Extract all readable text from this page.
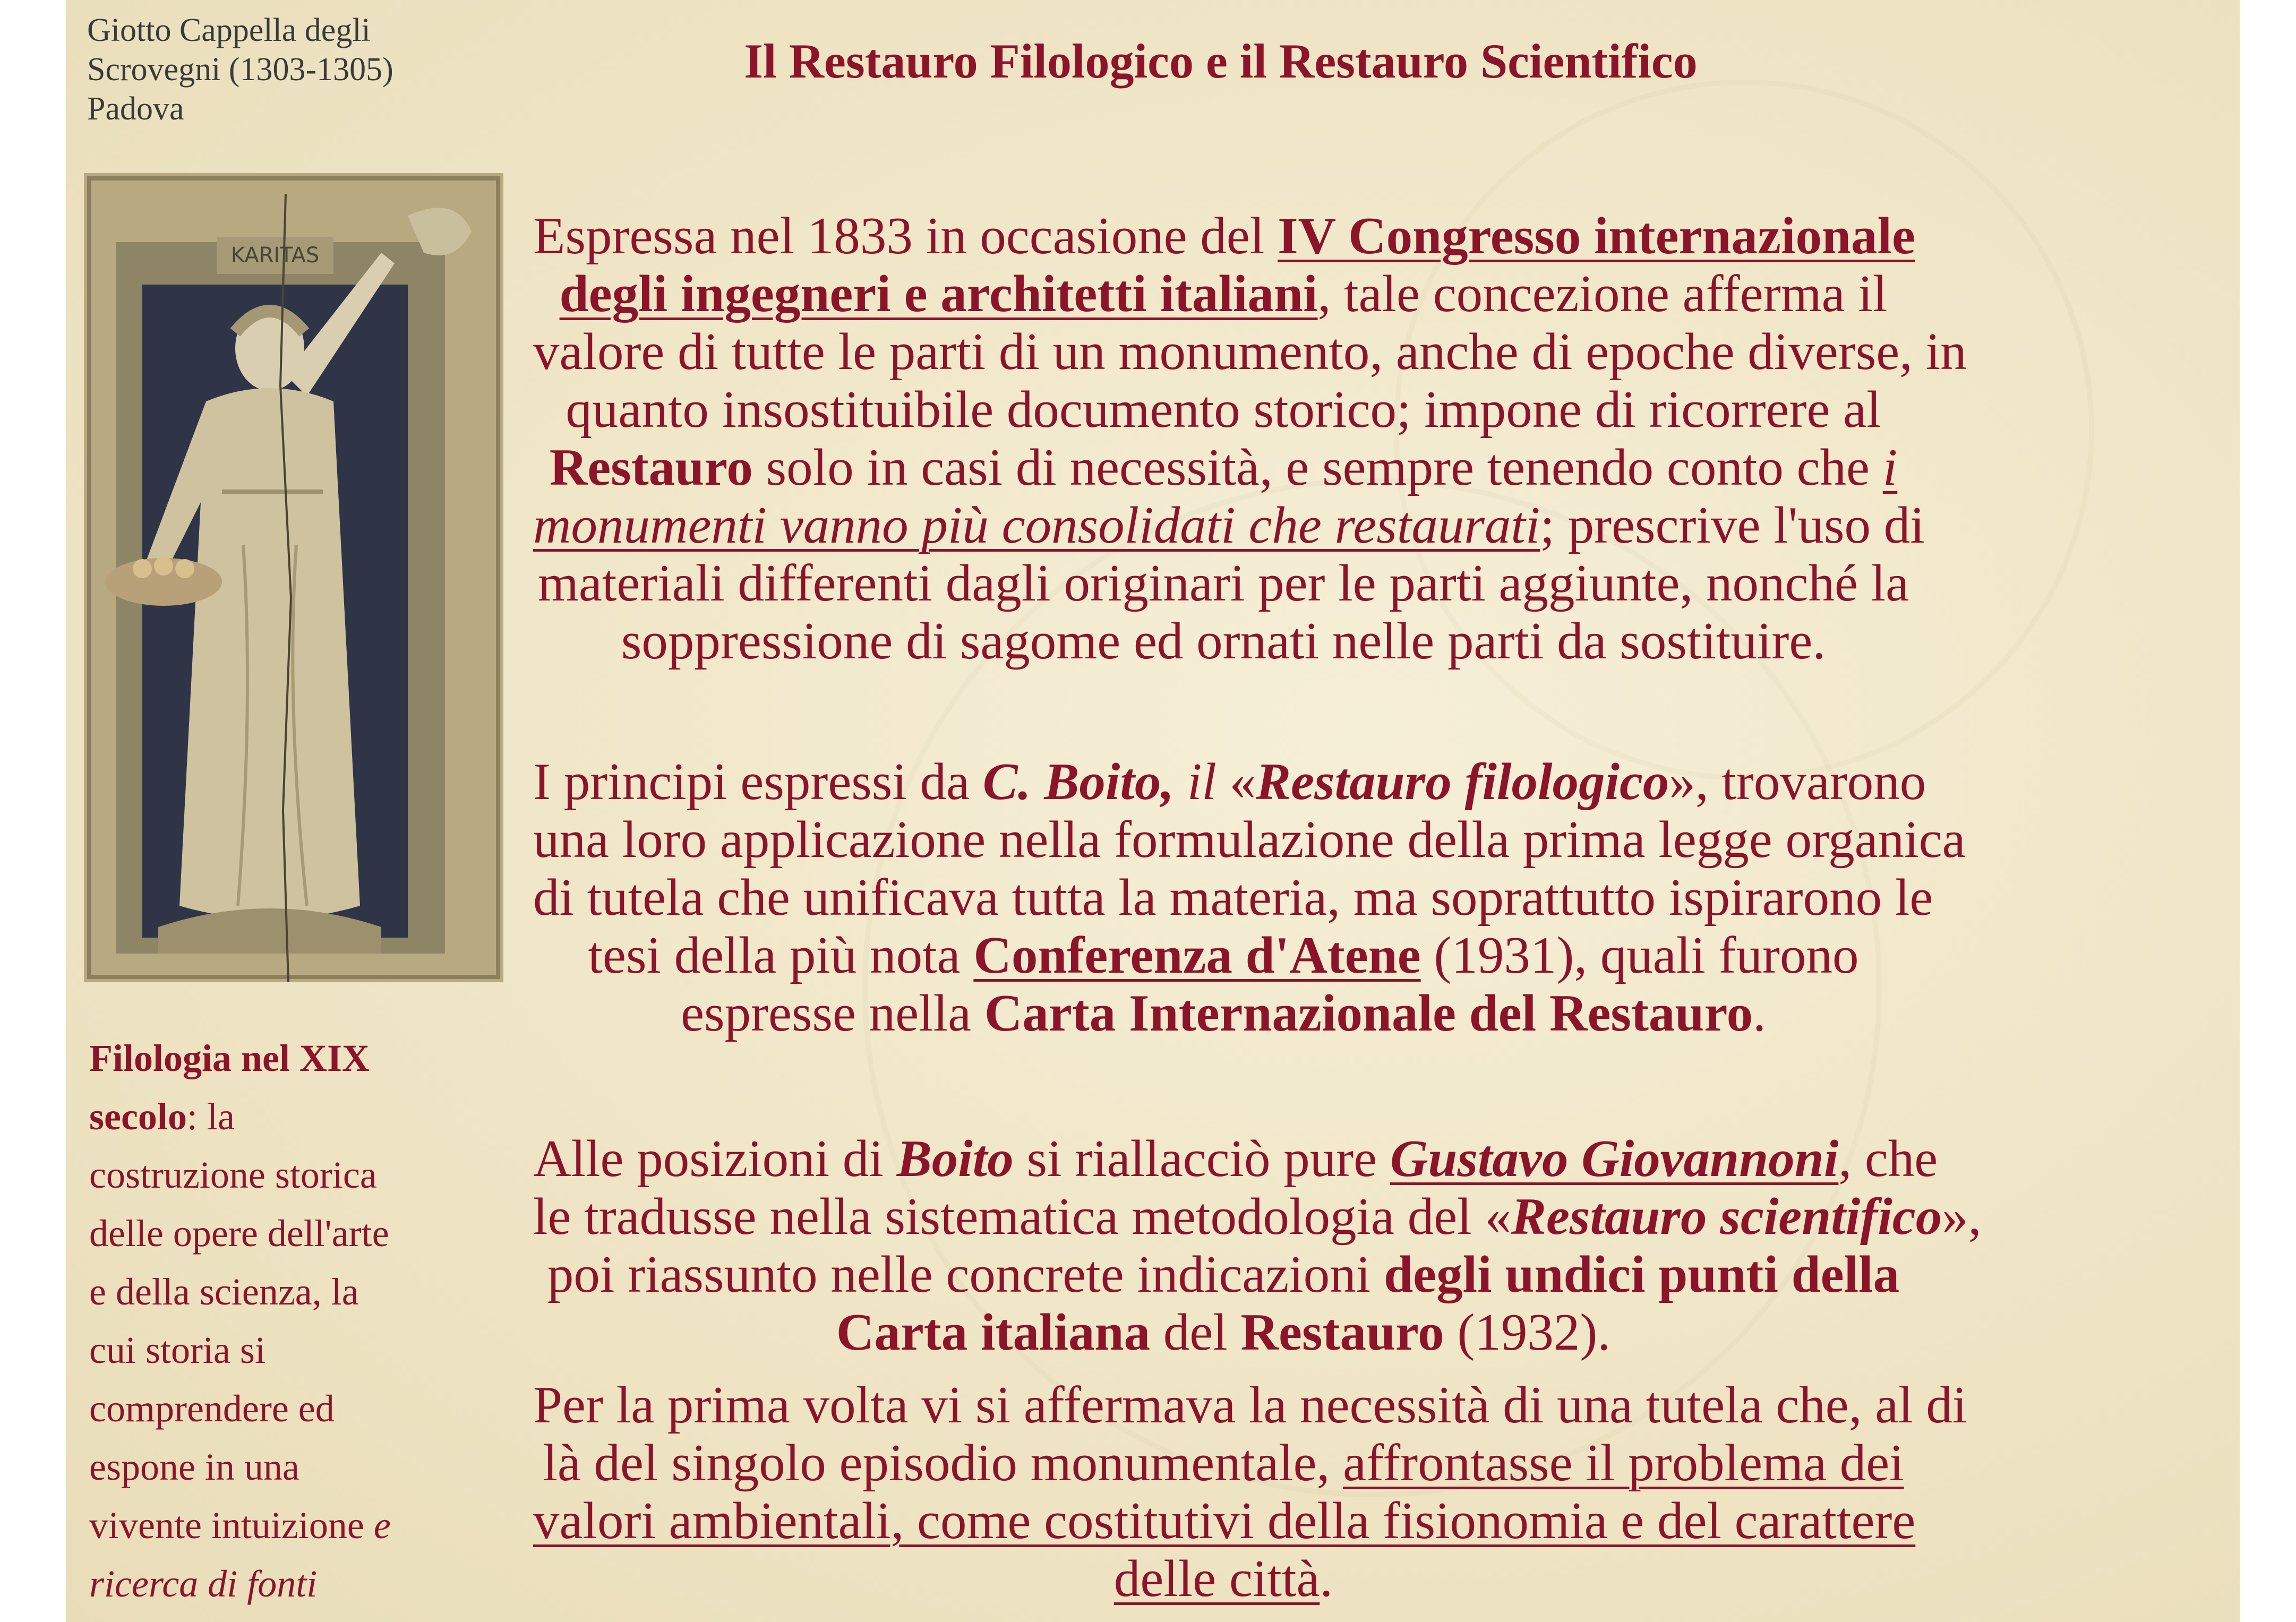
Giotto Cappella degli
Scrovegni (1303-1305)
Padova
KARITAS
Filologia nel XIX
secolo: la
costruzione storica
delle opere dell'arte
e della scienza, la
cui storia si
comprendere ed
espone in una
vivente intuizione e
ricerca di fonti
Il Restauro Filologico e il Restauro Scientifico
Espressa nel 1833 in occasione del IV Congresso internazionale
degli ingegneri e architetti italiani, tale concezione afferma il
valore di tutte le parti di un monumento, anche di epoche diverse, in
quanto insostituibile documento storico; impone di ricorrere al
Restauro solo in casi di necessità, e sempre tenendo conto che i
monumenti vanno più consolidati che restaurati; prescrive l'uso di
materiali differenti dagli originari per le parti aggiunte, nonché la
soppressione di sagome ed ornati nelle parti da sostituire.
I principi espressi da C. Boito, il «Restauro filologico», trovarono
una loro applicazione nella formulazione della prima legge organica
di tutela che unificava tutta la materia, ma soprattutto ispirarono le
tesi della più nota Conferenza d'Atene (1931), quali furono
espresse nella Carta Internazionale del Restauro.
Alle posizioni di Boito si riallacciò pure Gustavo Giovannoni, che
le tradusse nella sistematica metodologia del «Restauro scientifico»,
poi riassunto nelle concrete indicazioni degli undici punti della
Carta italiana del Restauro (1932).
Per la prima volta vi si affermava la necessità di una tutela che, al di
là del singolo episodio monumentale, affrontasse il problema dei
valori ambientali, come costitutivi della fisionomia e del carattere
delle città.
